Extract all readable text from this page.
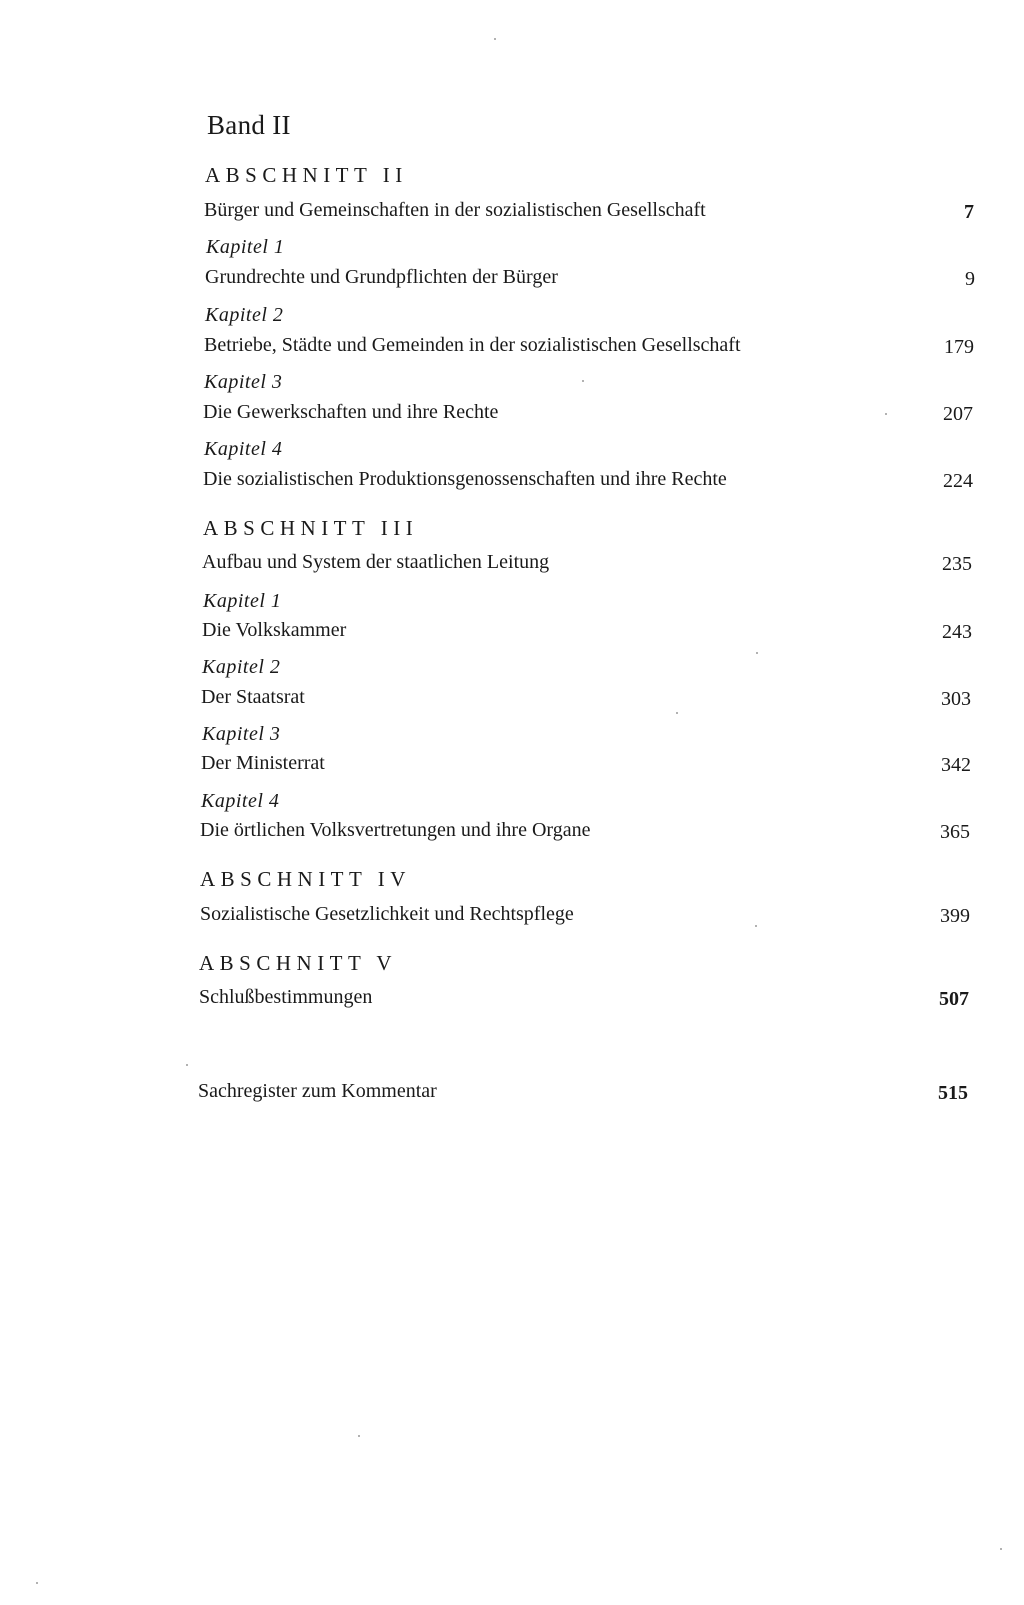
Band II
ABSCHNITT II
Bürger und Gemeinschaften in der sozialistischen Gesellschaft	7
Kapitel 1
Grundrechte und Grundpflichten der Bürger	9
Kapitel 2
Betriebe, Städte und Gemeinden in der sozialistischen Gesellschaft	179
Kapitel 3
Die Gewerkschaften und ihre Rechte	207
Kapitel 4
Die sozialistischen Produktionsgenossenschaften und ihre Rechte	224
ABSCHNITT III
Aufbau und System der staatlichen Leitung	235
Kapitel 1
Die Volkskammer	243
Kapitel 2
Der Staatsrat	303
Kapitel 3
Der Ministerrat	342
Kapitel 4
Die örtlichen Volksvertretungen und ihre Organe	365
ABSCHNITT IV
Sozialistische Gesetzlichkeit und Rechtspflege	399
ABSCHNITT V
Schlußbestimmungen	507
Sachregister zum Kommentar	515
